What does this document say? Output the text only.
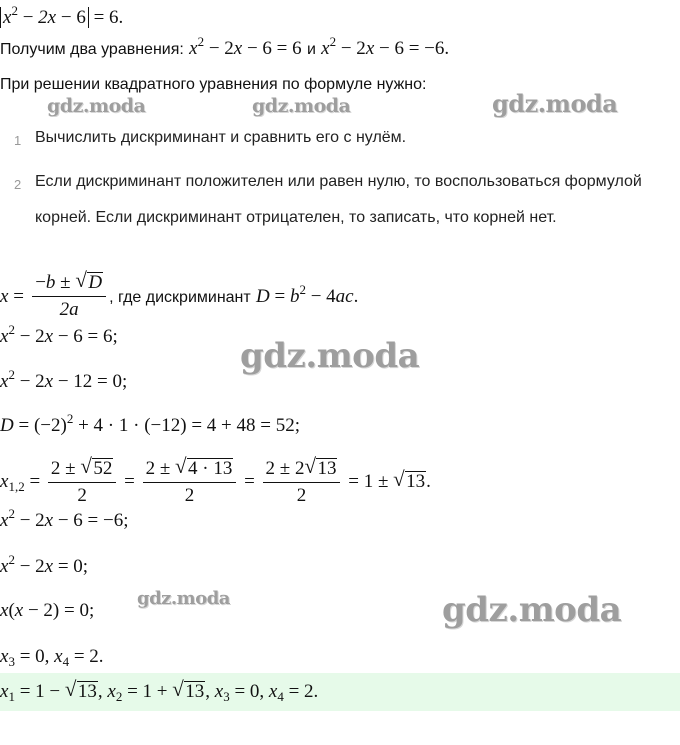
$x^2 - 2x - 6 = 6$.
Получим два уравнения: $x^2 - 2x - 6 = 6$ и $x^2 - 2x - 6 = -6$.
При решении квадратного уравнения по формуле нужно:
1 Вычислить дискриминант и сравнить его с нулём.
2 Если дискриминант положителен или равен нулю, то воспользоваться формулой корней. Если дискриминант отрицателен, то записать, что корней нет.
$x = \frac{-b \pm √ D}{2a}$ , где дискриминант $D = b^2 - 4ac$.
$x^2 - 2x - 6 = 6$;
$x^2 - 2x - 12 = 0$;
$D = (-2)^2 + 4 \cdot 1 \cdot (-12) = 4 + 48 = 52$;
$x_{1,2} = \frac{2 \pm √ 52}{2} = \frac{2 \pm √ 4 \cdot 13}{2} = \frac{2 \pm 2 √ 13}{2} = 1$ ± √ 13.
$x^2 - 2x - 6 = -6$;
$x^2 - 2x = 0$;
x(x − 2) = 0;
$x_3 = 0$, $x_4 = 2$.
$x_1 = 1$ − √ 13, $x_2 = 1$ + √ 13, $x_3 = 0$, $x_4 = 2$.
gdz.moda	gdz.moda	gdz.moda
gdz.moda
gdz.moda	gdz.moda
